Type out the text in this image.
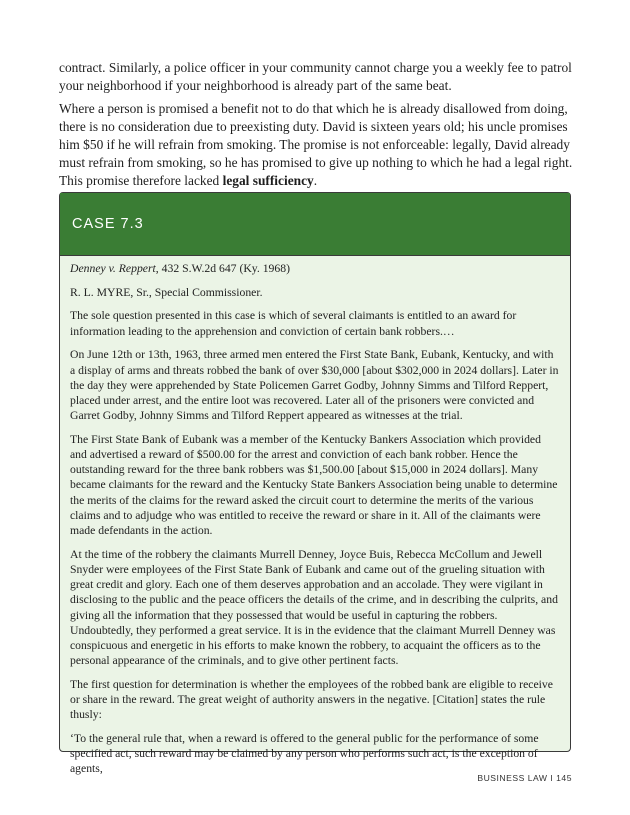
contract. Similarly, a police officer in your community cannot charge you a weekly fee to patrol your neighborhood if your neighborhood is already part of the same beat.

Where a person is promised a benefit not to do that which he is already disallowed from doing, there is no consideration due to preexisting duty. David is sixteen years old; his uncle promises him $50 if he will refrain from smoking. The promise is not enforceable: legally, David already must refrain from smoking, so he has promised to give up nothing to which he had a legal right. This promise therefore lacked legal sufficiency.

CASE 7.3

Denney v. Reppert, 432 S.W.2d 647 (Ky. 1968)

R. L. MYRE, Sr., Special Commissioner.

The sole question presented in this case is which of several claimants is entitled to an award for information leading to the apprehension and conviction of certain bank robbers.…

On June 12th or 13th, 1963, three armed men entered the First State Bank, Eubank, Kentucky, and with a display of arms and threats robbed the bank of over $30,000 [about $302,000 in 2024 dollars]. Later in the day they were apprehended by State Policemen Garret Godby, Johnny Simms and Tilford Reppert, placed under arrest, and the entire loot was recovered. Later all of the prisoners were convicted and Garret Godby, Johnny Simms and Tilford Reppert appeared as witnesses at the trial.

The First State Bank of Eubank was a member of the Kentucky Bankers Association which provided and advertised a reward of $500.00 for the arrest and conviction of each bank robber. Hence the outstanding reward for the three bank robbers was $1,500.00 [about $15,000 in 2024 dollars]. Many became claimants for the reward and the Kentucky State Bankers Association being unable to determine the merits of the claims for the reward asked the circuit court to determine the merits of the various claims and to adjudge who was entitled to receive the reward or share in it. All of the claimants were made defendants in the action.

At the time of the robbery the claimants Murrell Denney, Joyce Buis, Rebecca McCollum and Jewell Snyder were employees of the First State Bank of Eubank and came out of the grueling situation with great credit and glory. Each one of them deserves approbation and an accolade. They were vigilant in disclosing to the public and the peace officers the details of the crime, and in describing the culprits, and giving all the information that they possessed that would be useful in capturing the robbers. Undoubtedly, they performed a great service. It is in the evidence that the claimant Murrell Denney was conspicuous and energetic in his efforts to make known the robbery, to acquaint the officers as to the personal appearance of the criminals, and to give other pertinent facts.

The first question for determination is whether the employees of the robbed bank are eligible to receive or share in the reward. The great weight of authority answers in the negative. [Citation] states the rule thusly:

‘To the general rule that, when a reward is offered to the general public for the performance of some specified act, such reward may be claimed by any person who performs such act, is the exception of agents,

BUSINESS LAW I 145
